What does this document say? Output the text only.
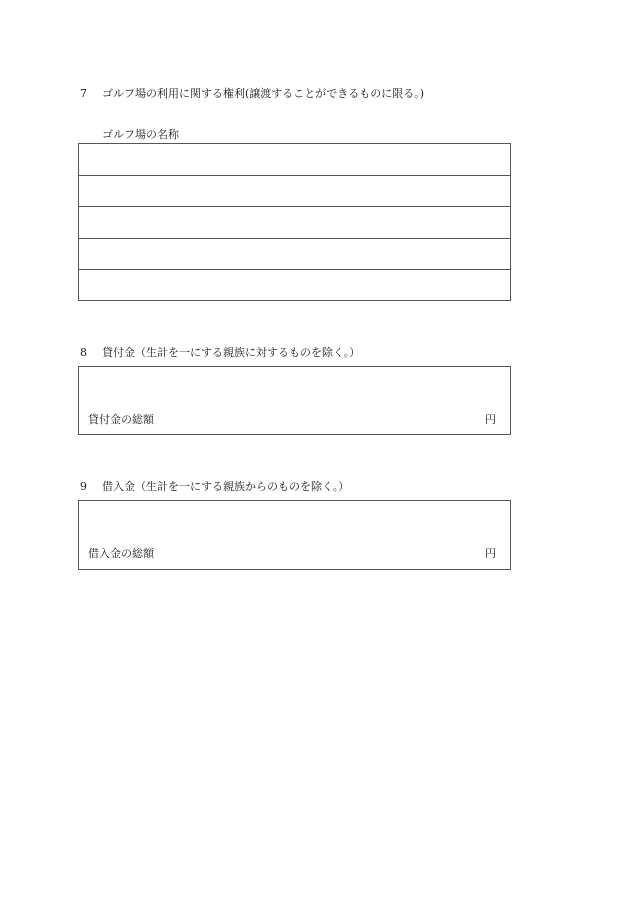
7 ゴルフ場の利用に関する権利(譲渡することができるものに限る。)
ゴルフ場の名称
8 貸付金（生計を一にする親族に対するものを除く。）
貸付金の総額	円
9 借入金（生計を一にする親族からのものを除く。）
借入金の総額	円
